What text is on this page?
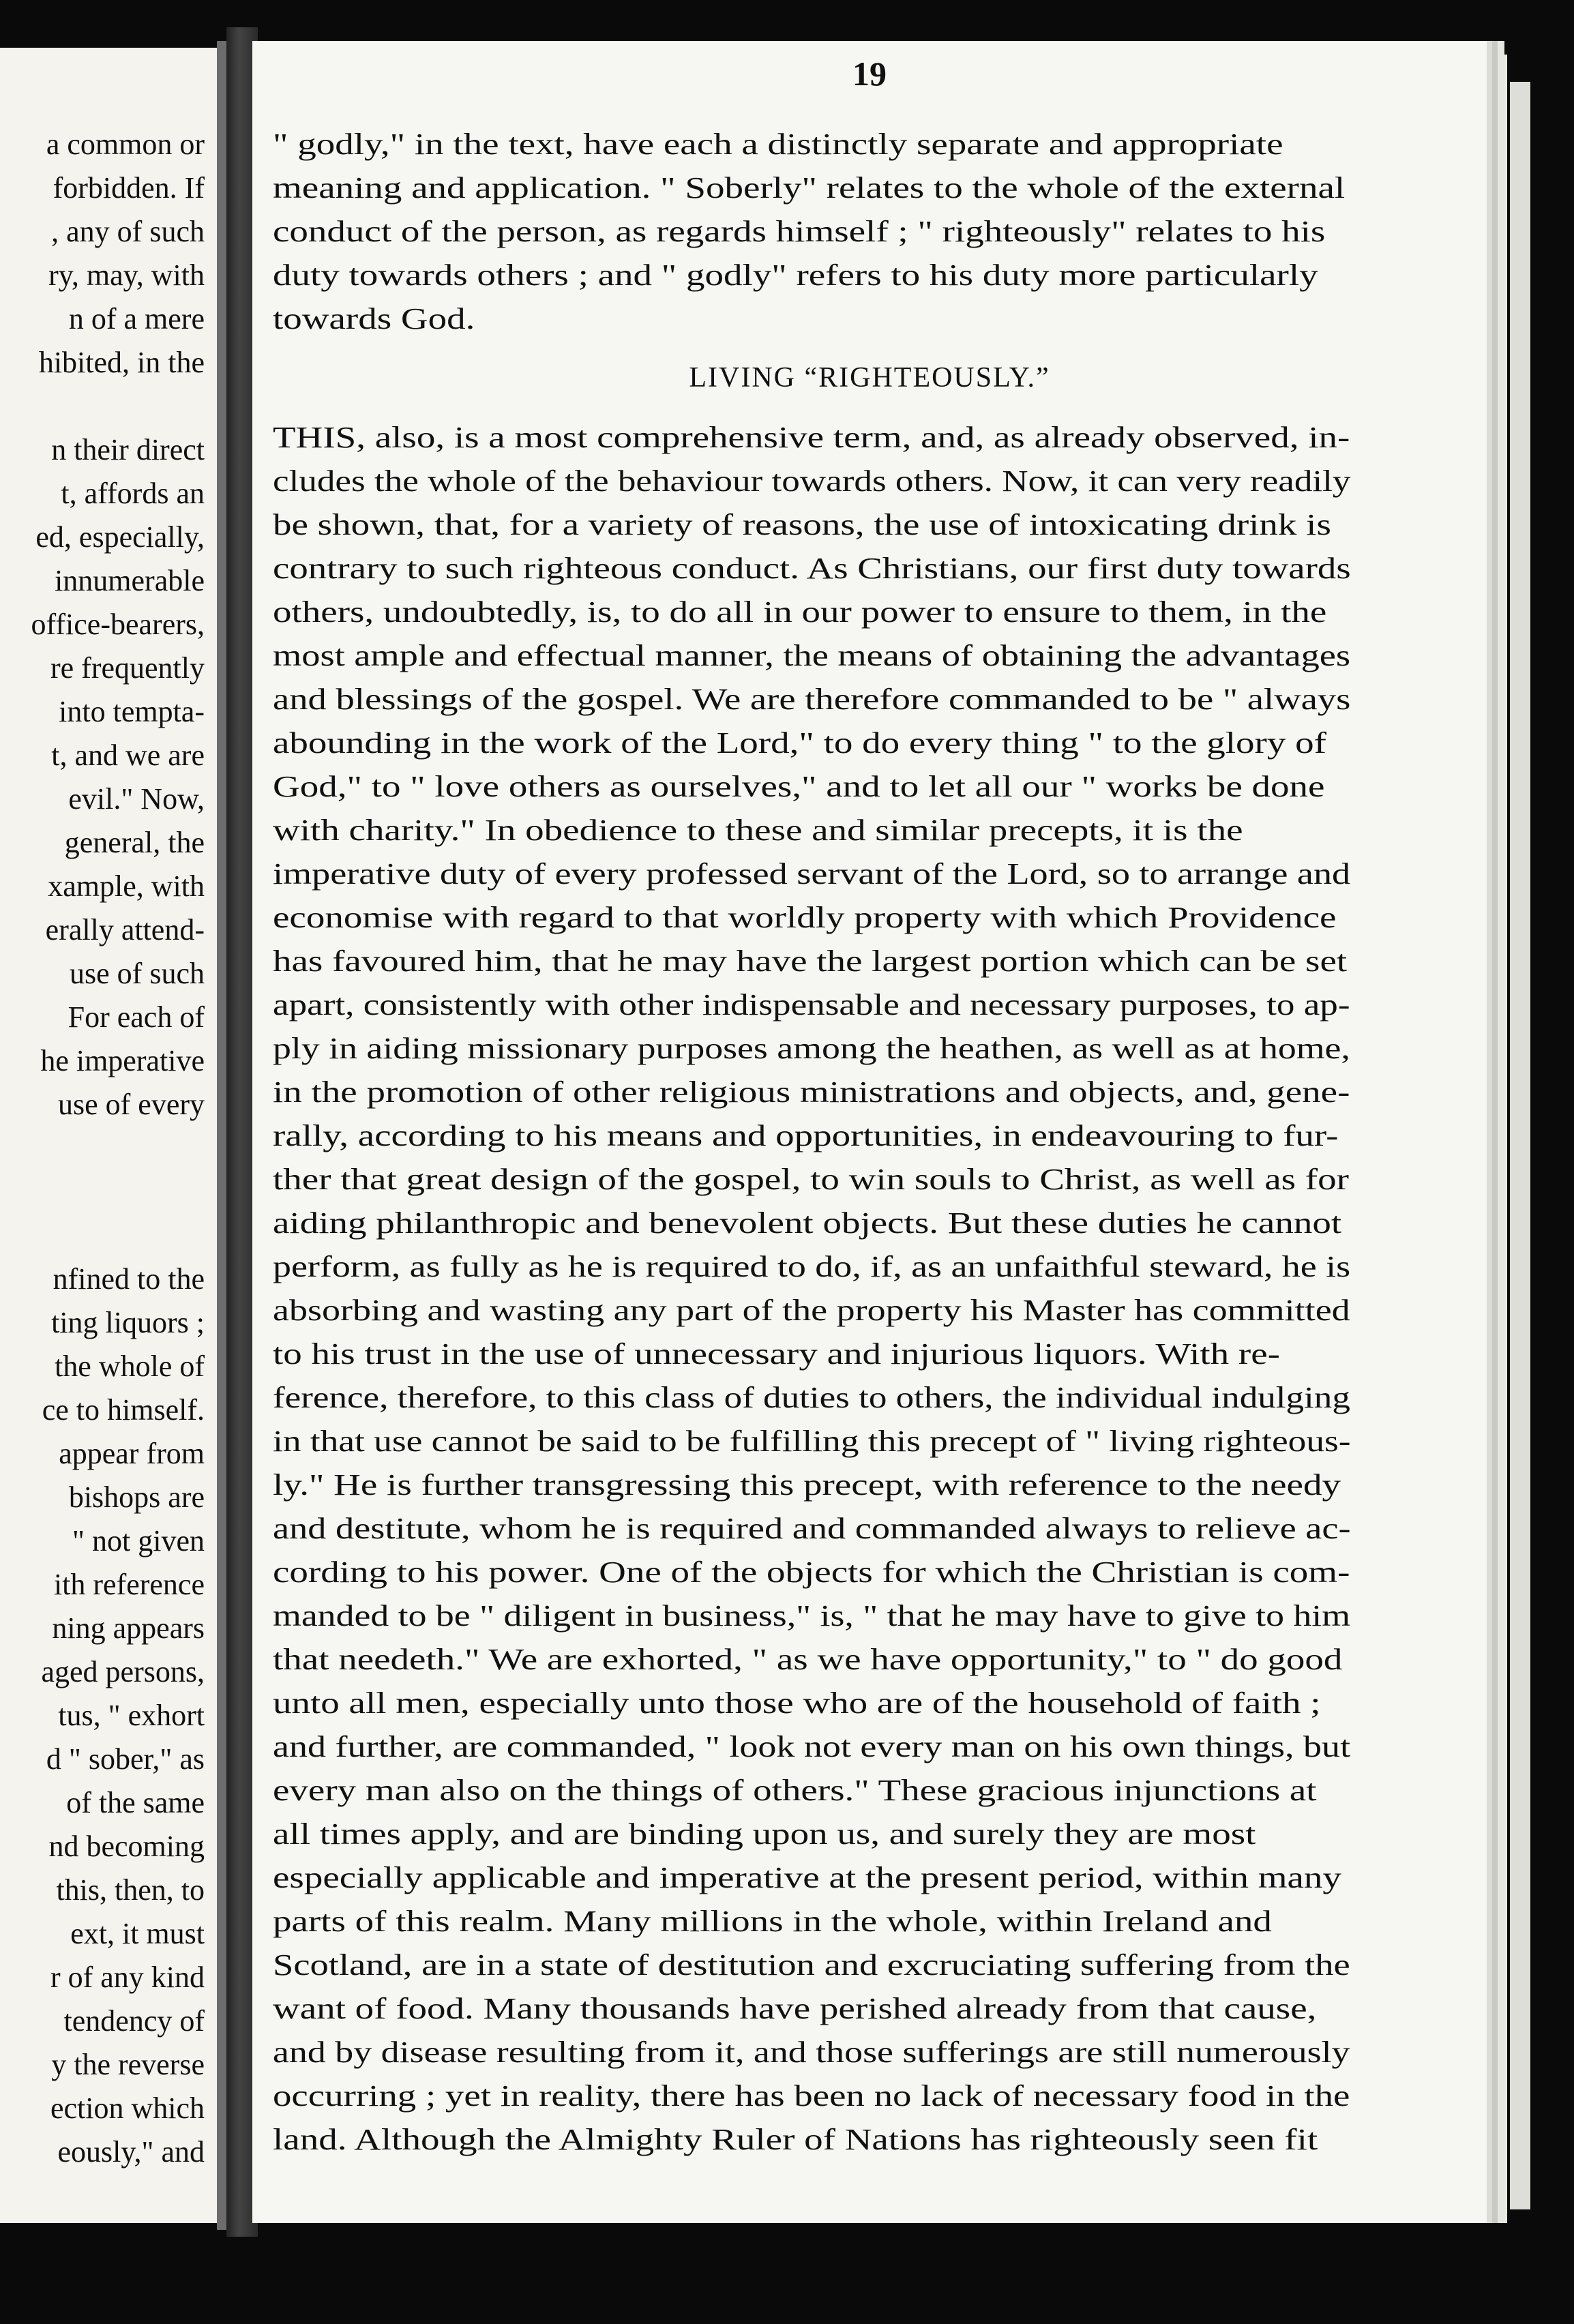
a common or

forbidden. If

, any of such

ry, may, with

n of a mere

hibited, in the

n their direct

t, affords an

ed, especially,

innumerable

office-bearers,

re frequently

into tempta-

t, and we are

evil." Now,

general, the

xample, with

erally attend-

use of such

For each of

he imperative

use of every

nfined to the

ting liquors ;

the whole of

ce to himself.

appear from

bishops are

" not given

ith reference

ning appears

aged persons,

tus, " exhort

d " sober," as

of the same

nd becoming

this, then, to

ext, it must

r of any kind

tendency of

y the reverse

ection which

eously," and

19

" godly," in the text, have each a distinctly separate and appropriate

meaning and application. " Soberly" relates to the whole of the external

conduct of the person, as regards himself ; " righteously" relates to his

duty towards others ; and " godly" refers to his duty more particularly

towards God.

LIVING “RIGHTEOUSLY.”

THIS, also, is a most comprehensive term, and, as already observed, in-

cludes the whole of the behaviour towards others. Now, it can very readily

be shown, that, for a variety of reasons, the use of intoxicating drink is

contrary to such righteous conduct. As Christians, our first duty towards

others, undoubtedly, is, to do all in our power to ensure to them, in the

most ample and effectual manner, the means of obtaining the advantages

and blessings of the gospel. We are therefore commanded to be " always

abounding in the work of the Lord," to do every thing " to the glory of

God," to " love others as ourselves," and to let all our " works be done

with charity." In obedience to these and similar precepts, it is the

imperative duty of every professed servant of the Lord, so to arrange and

economise with regard to that worldly property with which Providence

has favoured him, that he may have the largest portion which can be set

apart, consistently with other indispensable and necessary purposes, to ap-

ply in aiding missionary purposes among the heathen, as well as at home,

in the promotion of other religious ministrations and objects, and, gene-

rally, according to his means and opportunities, in endeavouring to fur-

ther that great design of the gospel, to win souls to Christ, as well as for

aiding philanthropic and benevolent objects. But these duties he cannot

perform, as fully as he is required to do, if, as an unfaithful steward, he is

absorbing and wasting any part of the property his Master has committed

to his trust in the use of unnecessary and injurious liquors. With re-

ference, therefore, to this class of duties to others, the individual indulging

in that use cannot be said to be fulfilling this precept of " living righteous-

ly." He is further transgressing this precept, with reference to the needy

and destitute, whom he is required and commanded always to relieve ac-

cording to his power. One of the objects for which the Christian is com-

manded to be " diligent in business," is, " that he may have to give to him

that needeth." We are exhorted, " as we have opportunity," to " do good

unto all men, especially unto those who are of the household of faith ;

and further, are commanded, " look not every man on his own things, but

every man also on the things of others." These gracious injunctions at

all times apply, and are binding upon us, and surely they are most

especially applicable and imperative at the present period, within many

parts of this realm. Many millions in the whole, within Ireland and

Scotland, are in a state of destitution and excruciating suffering from the

want of food. Many thousands have perished already from that cause,

and by disease resulting from it, and those sufferings are still numerously

occurring ; yet in reality, there has been no lack of necessary food in the

land. Although the Almighty Ruler of Nations has righteously seen fit
